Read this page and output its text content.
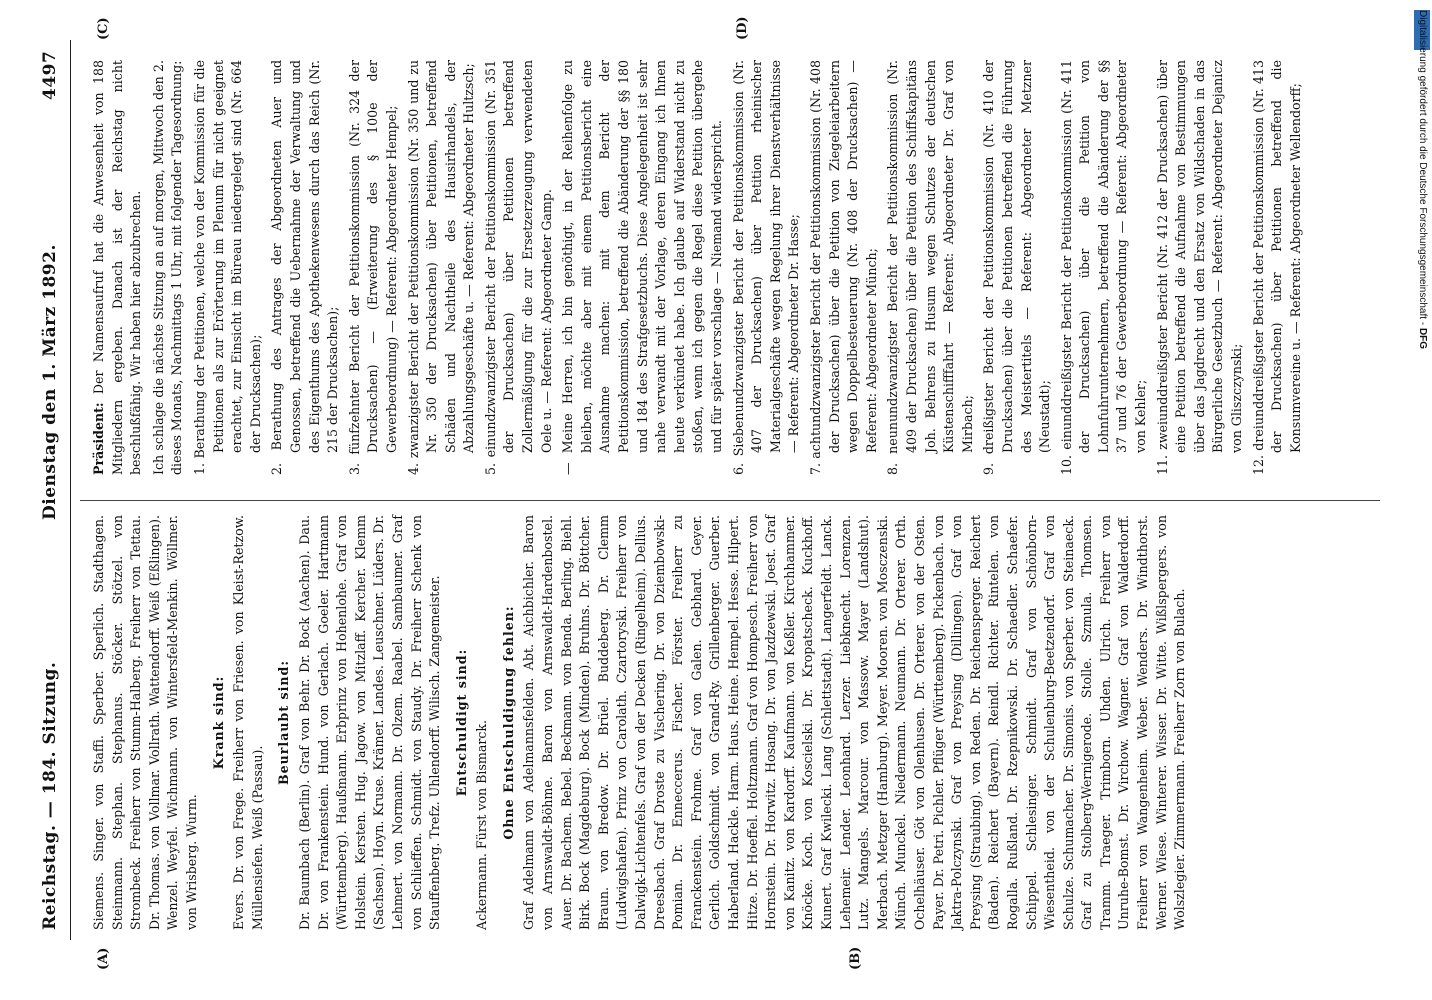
Reichstag. — 184. Sitzung.
Dienstag den 1. März 1892.
4497
(A)	(B)
(C)	(D)

Siemens. Singer. von Staffi. Sperber. Sperlich. Stadthagen. Steinmann. Stephan. Stephanus. Stöcker. Stötzel. von Strombeck. Freiherr von Stumm-Halberg. Freiherr von Tettau. Dr. Thomas. von Vollmar. Vollrath. Wattendorff. Weiß (Eßlingen). Wenzel. Weyfel. Wichmann. von Wintersfeld-Menkin. Wöllmer. von Wrisberg. Wurm.

Krank sind: Evers. Dr. von Frege. Freiherr von Friesen. von Kleist-Retzow. Müllensiefen. Weiß (Passau).

Beurlaubt sind: Dr. Baumbach (Berlin). Graf von Behr. Dr. Bock (Aachen). Dau. Dr. von Frankenstein. Hund. von Gerlach. Goeler. Hartmann (Württemberg). Haußmann. Erbprinz von Hohenlohe. Graf von Holstein. Kersten. Hug. Jagow. von Mitzlaff. Kercher. Klemm (Sachsen). Hoyn. Kruse. Krämer. Landes. Leuschner. Lüders. Dr. Lehmert. von Normann. Dr. Olzem. Raabel. Sambaumer. Graf von Schlieffen. Schmidt. von Staudy. Dr. Freiherr Schenk von Stauffenberg. Trefz. Uhlendorff. Wilisch. Zangemeister. Entschuldigt sind: Ackermann. Fürst von Bismarck. Ohne Entschuldigung fehlen: Graf Adelmann von Adelmannsfelden. Abt. Aichbichler. Baron von Arnswaldt-Böhme. Baron von Arnswaldt-Hardenbostel. Auer. Dr. Bachem. Bebel. Beckmann. von Benda. Berling. Biehl. Birk. Bock (Magdeburg). Bock (Minden). Bruhns. Dr. Böttcher. Braun. von Bredow. Dr. Brüel. Buddeberg. Dr. Clemm (Ludwigshafen). Prinz von Carolath. Czartoryski. Freiherr von Dalwigk-Lichtenfels. Graf von der Decken (Ringelheim). Dellius. Dreesbach. Graf Droste zu Vischering. Dr. von Dziembowski-Pomian. Dr. Enneccerus. Fischer. Förster. Freiherr zu Franckenstein. Frohme. Graf von Galen. Gebhard. Geyer. Gerlich. Goldschmidt. von Grand-Ry. Grillenberger. Guerber. Haberland. Hackle. Harm. Haus. Heine. Hempel. Hesse. Hilpert. Hitze. Dr. Hoeffel. Holtzmann. Graf von Hompesch. Freiherr von Hornstein. Dr. Horwitz. Hosang. Dr. von Jazdzewski. Joest. Graf von Kanitz. von Kardorff. Kaufmann. von Keßler. Kirchhammer. Knöcke. Koch. von Koscielski. Dr. Kropatscheck. Kuckhoff. Kunert. Graf Kwilecki. Lang (Schlettstadt). Langerfeldt. Lanck. Lehemeir. Lender. Leonhard. Lerzer. Liebknecht. Lorenzen. Lutz. Mangels. Marcour. von Massow. Mayer (Landshut). Merbach. Metzger (Hamburg). Meyer. Mooren. von Mosczenski. Münch. Munckel. Niedermann. Neumann. Dr. Orterer. Orth. Ochelhäuser. Göt von Olenhusen. Dr. Orterer. von der Osten. Payer. Dr. Petri. Pichler. Pflüger (Württemberg). Pickenbach. von Jaktra-Polczynski. Graf von Preysing (Dillingen). Graf von Preysing (Straubing). von Reden. Dr. Reichensperger. Reichert (Baden). Reichert (Bayern). Reindl. Richter. Rintelen. von Rogalla. Rußland. Dr. Rzepnikowski. Dr. Schaedler. Schaefer. Schippel. Schlesinger. Schmidt. Graf von Schönborn-Wiesentheid. von der Schulenburg-Beetzendorf. Graf von Schulze. Schumacher. Dr. Simonis. von Sperber. von Steinaeck. Graf zu Stolberg-Wernigerode. Stolle. Szmula. Thomsen. Tramm. Traeger. Trimborn. Uhden. Ulrich. Freiherr von Unruhe-Bomst. Dr. Virchow. Wagner. Graf von Walderdorff. Freiherr von Wangenheim. Weber. Wenders. Dr. Windthorst. Werner. Wiese. Winterer. Wisser. Dr. Witte. Wißlspergers. von Wolszlegier. Zimmermann. Freiherr Zorn von Bulach.

Präsident: Der Namensaufruf hat die Anwesenheit von 188 Mitgliedern ergeben. Danach ist der Reichstag nicht beschlußfähig. Wir haben hier abzubrechen. Ich schlage die nächste Sitzung an auf morgen, Mittwoch den 2. dieses Monats, Nachmittags 1 Uhr, mit folgender Tagesordnung: 1. Berathung der Petitionen, welche von der Kommission für die Petitionen als zur Erörterung im Plenum für nicht geeignet erachtet, zur Einsicht im Büreau niedergelegt sind (Nr. 664 der Drucksachen);
2. Berathung des Antrages der Abgeordneten Auer und Genossen, betreffend die Uebernahme der Verwaltung und des Eigenthums des Apothekenwesens durch das Reich (Nr. 215 der Drucksachen);
3. fünfzehnter Bericht der Petitionskommission (Nr. 324 der Drucksachen) — (Erweiterung des § 100e der Gewerbeordnung) — Referent: Abgeordneter Hempel;
4. zwanzigster Bericht der Petitionskommission (Nr. 350 und zu Nr. 350 der Drucksachen) über Petitionen, betreffend Schäden und Nachtheile des Hausirhandels, der Abzahlungsgeschäfte u. — Referent: Abgeordneter Hultzsch;
5. einundzwanzigster Bericht der Petitionskommission (Nr. 351 der Drucksachen) über Petitionen betreffend Zollermäßigung für die zur Ersetzerzeugung verwendeten Oele u. — Referent: Abgeordneter Gamp. — Meine Herren, ich bin genöthigt, in der Reihenfolge zu bleiben, möchte aber mit einem Petitionsbericht eine Ausnahme machen: mit dem Bericht der Petitionskommission, betreffend die Abänderung der §§ 180 und 184 des Strafgesetzbuchs. Diese Angelegenheit ist sehr nahe verwandt mit der Vorlage, deren Eingang ich Ihnen heute verkündet habe. Ich glaube auf Widerstand nicht zu stoßen, wenn ich gegen die Regel diese Petition übergehe und für später vorschlage — Niemand widerspricht.
6. Siebenundzwanzigster Bericht der Petitionskommission (Nr. 407 der Drucksachen) über Petition rheinischer Materialgeschäfte wegen Regelung ihrer Dienstverhältnisse — Referent: Abgeordneter Dr. Hasse;
7. achtundzwanzigster Bericht der Petitionskommission (Nr. 408 der Drucksachen) über die Petition von Ziegeleiarbeitern wegen Doppelbesteuerung (Nr. 408 der Drucksachen) — Referent: Abgeordneter Münch;
8. neunundzwanzigster Bericht der Petitionskommission (Nr. 409 der Drucksachen) über die Petition des Schiffskapitäns Joh. Behrens zu Husum wegen Schutzes der deutschen Küstenschifffahrt — Referent: Abgeordneter Dr. Graf von Mirbach;
9. dreißigster Bericht der Petitionskommission (Nr. 410 der Drucksachen) über die Petitionen betreffend die Führung des Meistertitels — Referent: Abgeordneter Metzner (Neustadt);
10. einunddreißigster Bericht der Petitionskommission (Nr. 411 der Drucksachen) über die Petition von Lohnfuhrunternehmern, betreffend die Abänderung der §§ 37 und 76 der Gewerbeordnung — Referent: Abgeordneter von Kehler;
11. zweiunddreißigster Bericht (Nr. 412 der Drucksachen) über eine Petition betreffend die Aufnahme von Bestimmungen über das Jagdrecht und den Ersatz von Wildschaden in das Bürgerliche Gesetzbuch — Referent: Abgeordneter Dejanicz von Gliszczynski;
12. dreiunddreißigster Bericht der Petitionskommission (Nr. 413 der Drucksachen) über Petitionen betreffend die Konsumvereine u. — Referent: Abgeordneter Wellendorff;	Digitalisierung gefördert durch die Deutsche Forschungsgemeinschaft - DFG
